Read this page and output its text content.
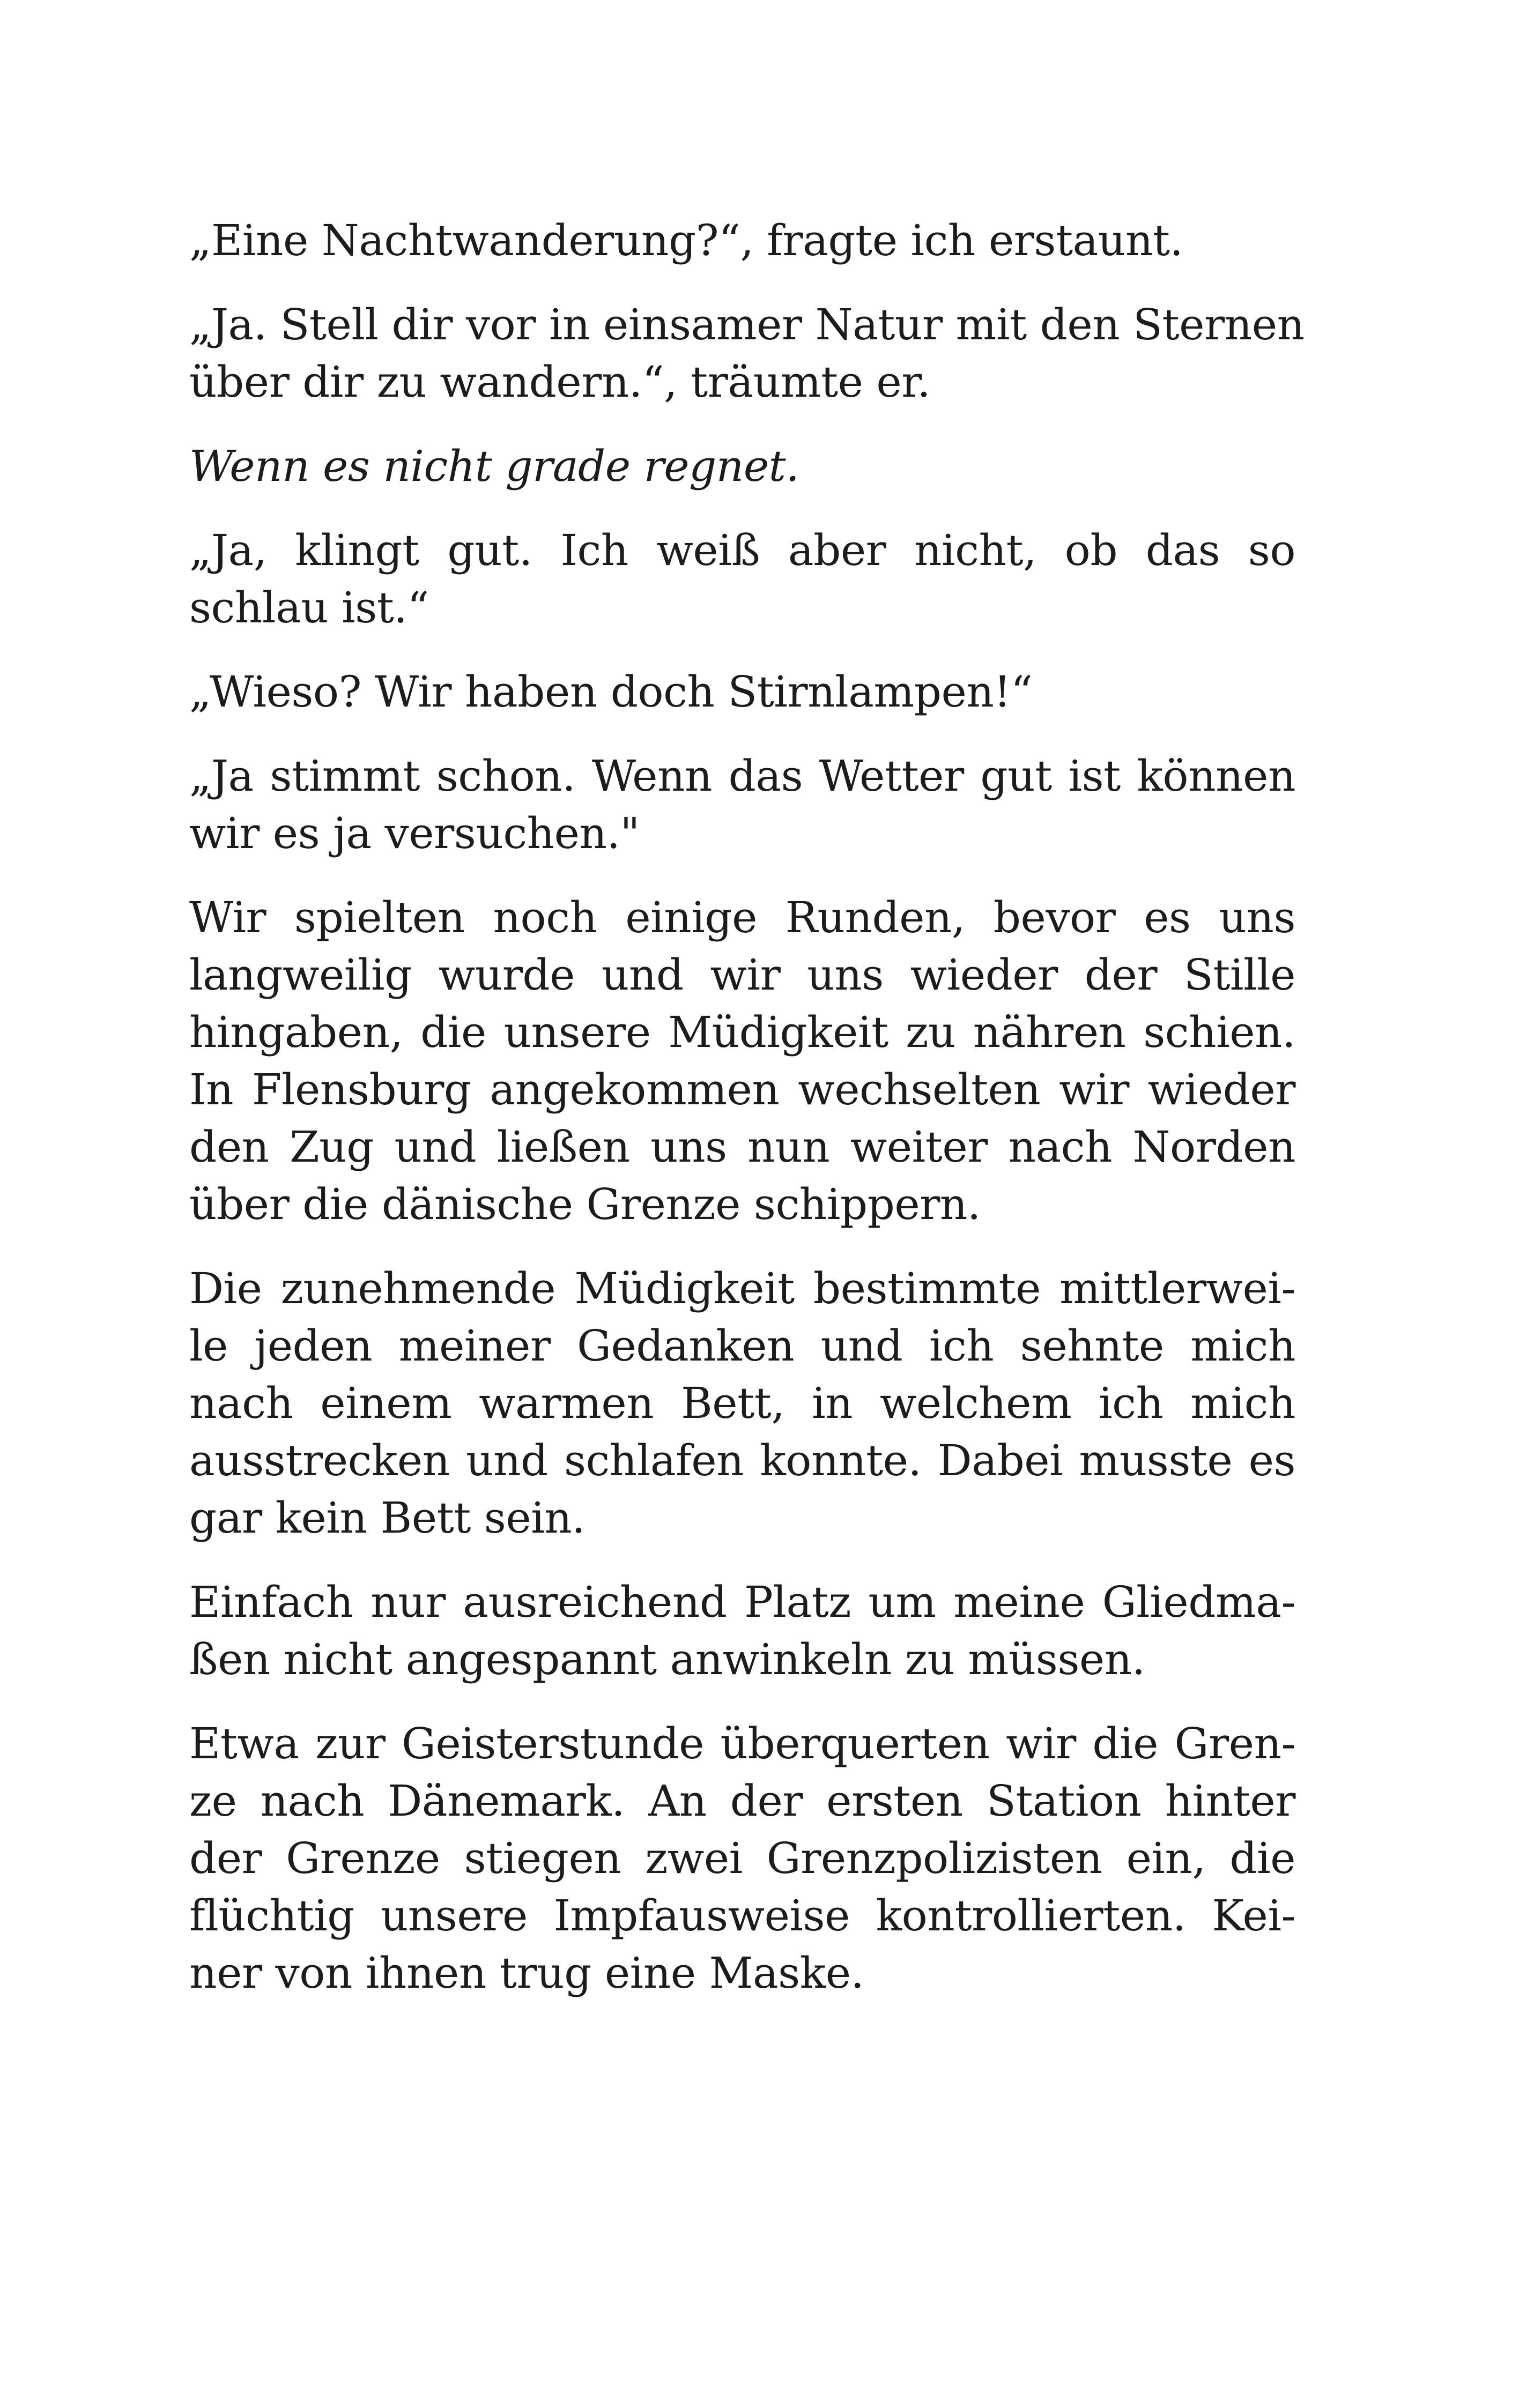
„Eine Nachtwanderung?“, fragte ich erstaunt.

„Ja. Stell dir vor in einsamer Natur mit den Sternen
über dir zu wandern.“, träumte er.

Wenn es nicht grade regnet.

„Ja, klingt gut. Ich weiß aber nicht, ob das so
schlau ist.“

„Wieso? Wir haben doch Stirnlampen!“

„Ja stimmt schon. Wenn das Wetter gut ist können
wir es ja versuchen."

Wir spielten noch einige Runden, bevor es uns
langweilig wurde und wir uns wieder der Stille
hingaben, die unsere Müdigkeit zu nähren schien.
In Flensburg angekommen wechselten wir wieder
den Zug und ließen uns nun weiter nach Norden
über die dänische Grenze schippern.

Die zunehmende Müdigkeit bestimmte mittlerwei-
le jeden meiner Gedanken und ich sehnte mich
nach einem warmen Bett, in welchem ich mich
ausstrecken und schlafen konnte. Dabei musste es
gar kein Bett sein.

Einfach nur ausreichend Platz um meine Gliedma-
ßen nicht angespannt anwinkeln zu müssen.

Etwa zur Geisterstunde überquerten wir die Gren-
ze nach Dänemark. An der ersten Station hinter
der Grenze stiegen zwei Grenzpolizisten ein, die
flüchtig unsere Impfausweise kontrollierten. Kei-
ner von ihnen trug eine Maske.
